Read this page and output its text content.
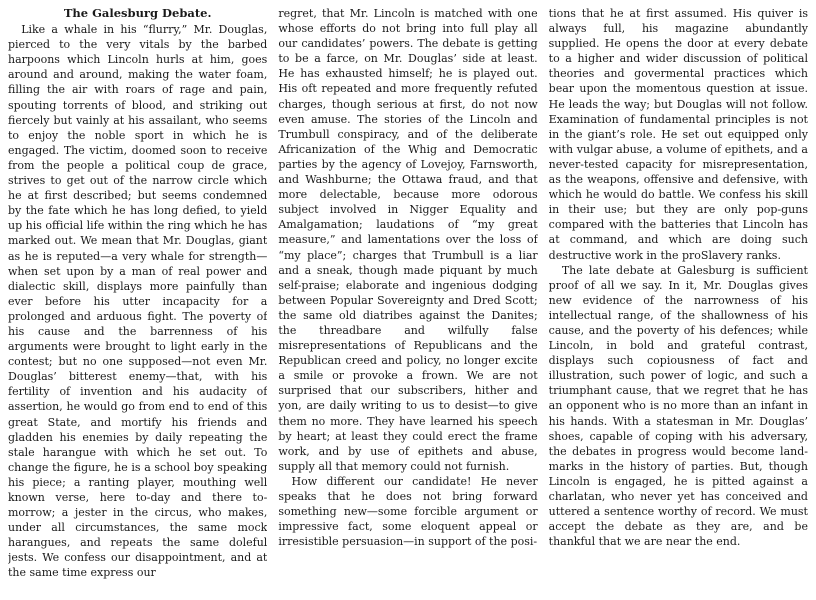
The Galesburg Debate.

Like a whale in his “flurry,” Mr. Douglas, pierced to the very vitals by the barbed harpoons which Lincoln hurls at him, goes around and around, making the water foam, filling the air with roars of rage and pain, spouting torrents of blood, and striking out fiercely but vainly at his assailant, who seems to enjoy the noble sport in which he is engaged. The victim, doomed soon to receive from the people a political coup de grace, strives to get out of the narrow circle which he at first described; but seems condemned by the fate which he has long defied, to yield up his official life within the ring which he has marked out. We mean that Mr. Douglas, giant as he is reputed—a very whale for strength—when set upon by a man of real power and dialectic skill, displays more painfully than ever before his utter incapacity for a prolonged and arduous fight. The poverty of his cause and the barrenness of his arguments were brought to light early in the contest; but no one supposed—not even Mr. Douglas’ bitterest enemy—that, with his fertility of invention and his audacity of assertion, he would go from end to end of this great State, and mortify his friends and gladden his enemies by daily repeating the stale harangue with which he set out. To change the figure, he is a school boy speaking his piece; a ranting player, mouthing well known verse, here to-day and there to-morrow; a jester in the circus, who makes, under all circumstances, the same mock harangues, and repeats the same doleful jests. We confess our disappointment, and at the same time express our

regret, that Mr. Lincoln is matched with one whose efforts do not bring into full play all our candidates’ powers. The debate is getting to be a farce, on Mr. Douglas’ side at least. He has exhausted himself; he is played out. His oft repeated and more frequently refuted charges, though serious at first, do not now even amuse. The stories of the Lincoln and Trumbull conspiracy, and of the deliberate Africanization of the Whig and Democratic parties by the agency of Lovejoy, Farnsworth, and Washburne; the Ottawa fraud, and that more delectable, because more odorous subject involved in Nigger Equality and Amalgamation; laudations of “my great measure,” and lamentations over the loss of “my place”; charges that Trumbull is a liar and a sneak, though made piquant by much self-praise; elaborate and ingenious dodging between Popular Sovereignty and Dred Scott; the same old diatribes against the Danites; the threadbare and wilfully false misrepresentations of Republicans and the Republican creed and policy, no longer excite a smile or provoke a frown. We are not surprised that our subscribers, hither and yon, are daily writing to us to desist—to give them no more. They have learned his speech by heart; at least they could erect the frame work, and by use of epithets and abuse, supply all that memory could not furnish.

How different our candidate! He never speaks that he does not bring forward something new—some forcible argument or impressive fact, some eloquent appeal or irresistible persuasion—in support of the posi-

tions that he at first assumed. His quiver is always full, his magazine abundantly supplied. He opens the door at every debate to a higher and wider discussion of political theories and govermental practices which bear upon the momentous question at issue. He leads the way; but Douglas will not follow. Examination of fundamental principles is not in the giant’s role. He set out equipped only with vulgar abuse, a volume of epithets, and a never-tested capacity for misrepresentation, as the weapons, offensive and defensive, with which he would do battle. We confess his skill in their use; but they are only pop-guns compared with the batteries that Lincoln has at command, and which are doing such destructive work in the proSlavery ranks.

The late debate at Galesburg is sufficient proof of all we say. In it, Mr. Douglas gives new evidence of the narrowness of his intellectual range, of the shallowness of his cause, and the poverty of his defences; while Lincoln, in bold and grateful contrast, displays such copiousness of fact and illustration, such power of logic, and such a triumphant cause, that we regret that he has an opponent who is no more than an infant in his hands. With a statesman in Mr. Douglas’ shoes, capable of coping with his adversary, the debates in progress would become land-marks in the history of parties. But, though Lincoln is engaged, he is pitted against a charlatan, who never yet has conceived and uttered a sentence worthy of record. We must accept the debate as they are, and be thankful that we are near the end.
